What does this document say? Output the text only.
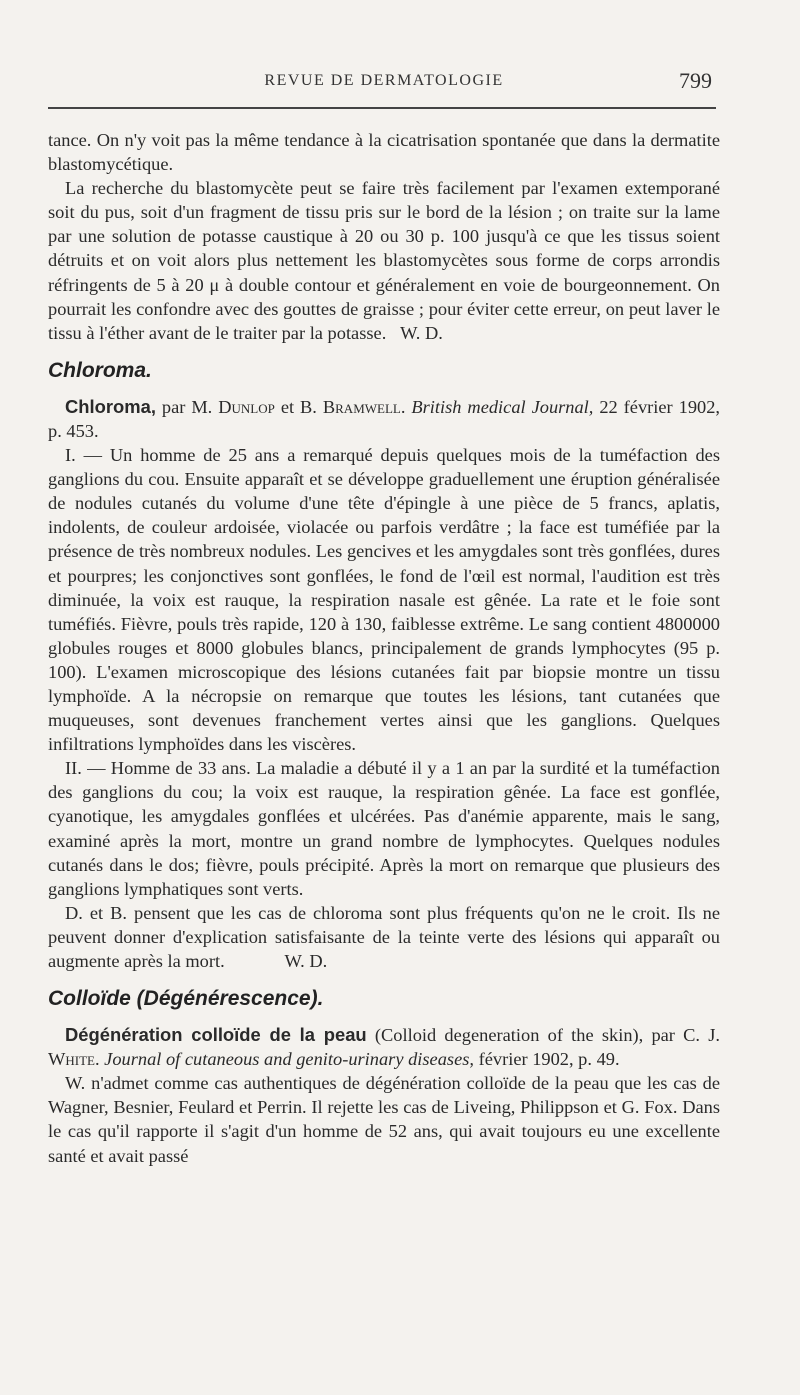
REVUE DE DERMATOLOGIE	799

tance. On n'y voit pas la même tendance à la cicatrisation spontanée que dans la dermatite blastomycétique.

La recherche du blastomycète peut se faire très facilement par l'examen extemporané soit du pus, soit d'un fragment de tissu pris sur le bord de la lésion ; on traite sur la lame par une solution de potasse caustique à 20 ou 30 p. 100 jusqu'à ce que les tissus soient détruits et on voit alors plus nettement les blastomycètes sous forme de corps arrondis réfringents de 5 à 20 μ à double contour et généralement en voie de bourgeonnement. On pourrait les confondre avec des gouttes de graisse ; pour éviter cette erreur, on peut laver le tissu à l'éther avant de le traiter par la potasse. W. D.

Chloroma.

Chloroma, par M. Dunlop et B. Bramwell. British medical Journal, 22 février 1902, p. 453.

I. — Un homme de 25 ans a remarqué depuis quelques mois de la tuméfaction des ganglions du cou. Ensuite apparaît et se développe graduellement une éruption généralisée de nodules cutanés du volume d'une tête d'épingle à une pièce de 5 francs, aplatis, indolents, de couleur ardoisée, violacée ou parfois verdâtre ; la face est tuméfiée par la présence de très nombreux nodules. Les gencives et les amygdales sont très gonflées, dures et pourpres; les conjonctives sont gonflées, le fond de l'œil est normal, l'audition est très diminuée, la voix est rauque, la respiration nasale est gênée. La rate et le foie sont tuméfiés. Fièvre, pouls très rapide, 120 à 130, faiblesse extrême. Le sang contient 4800000 globules rouges et 8000 globules blancs, principalement de grands lymphocytes (95 p. 100). L'examen microscopique des lésions cutanées fait par biopsie montre un tissu lymphoïde. A la nécropsie on remarque que toutes les lésions, tant cutanées que muqueuses, sont devenues franchement vertes ainsi que les ganglions. Quelques infiltrations lymphoïdes dans les viscères.

II. — Homme de 33 ans. La maladie a débuté il y a 1 an par la surdité et la tuméfaction des ganglions du cou; la voix est rauque, la respiration gênée. La face est gonflée, cyanotique, les amygdales gonflées et ulcérées. Pas d'anémie apparente, mais le sang, examiné après la mort, montre un grand nombre de lymphocytes. Quelques nodules cutanés dans le dos; fièvre, pouls précipité. Après la mort on remarque que plusieurs des ganglions lymphatiques sont verts.

D. et B. pensent que les cas de chloroma sont plus fréquents qu'on ne le croit. Ils ne peuvent donner d'explication satisfaisante de la teinte verte des lésions qui apparaît ou augmente après la mort.	W. D.

Colloïde (Dégénérescence).

Dégénération colloïde de la peau (Colloid degeneration of the skin), par C. J. White. Journal of cutaneous and genito-urinary diseases, février 1902, p. 49.

W. n'admet comme cas authentiques de dégénération colloïde de la peau que les cas de Wagner, Besnier, Feulard et Perrin. Il rejette les cas de Liveing, Philippson et G. Fox. Dans le cas qu'il rapporte il s'agit d'un homme de 52 ans, qui avait toujours eu une excellente santé et avait passé
